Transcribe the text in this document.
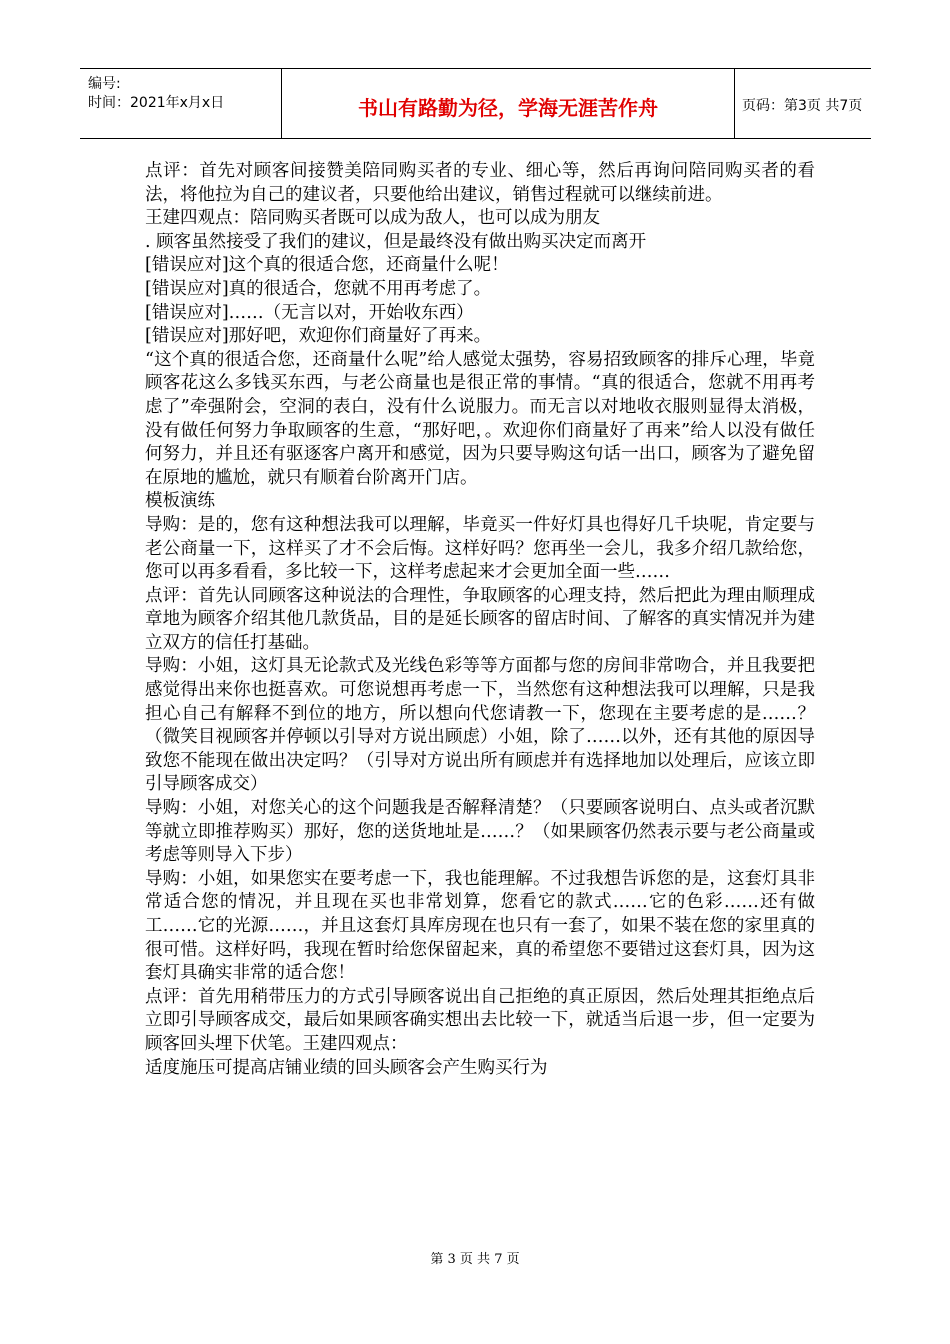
编号:
时间：2021年x月x日	书山有路勤为径，学海无涯苦作舟	页码：第3页 共7页

点评：首先对顾客间接赞美陪同购买者的专业、细心等，然后再询问陪同购买者的看法，将他拉为自己的建议者，只要他给出建议，销售过程就可以继续前进。

王建四观点：陪同购买者既可以成为敌人，也可以成为朋友

. 顾客虽然接受了我们的建议，但是最终没有做出购买决定而离开

[错误应对]这个真的很适合您，还商量什么呢！

[错误应对]真的很适合，您就不用再考虑了。

[错误应对]……（无言以对，开始收东西）

[错误应对]那好吧，欢迎你们商量好了再来。

“这个真的很适合您，还商量什么呢”给人感觉太强势，容易招致顾客的排斥心理，毕竟顾客花这么多钱买东西，与老公商量也是很正常的事情。“真的很适合，您就不用再考虑了”牵强附会，空洞的表白，没有什么说服力。而无言以对地收衣服则显得太消极，没有做任何努力争取顾客的生意，“那好吧，。欢迎你们商量好了再来”给人以没有做任何努力，并且还有驱逐客户离开和感觉，因为只要导购这句话一出口，顾客为了避免留在原地的尴尬，就只有顺着台阶离开门店。

模板演练

导购：是的，您有这种想法我可以理解，毕竟买一件好灯具也得好几千块呢，肯定要与老公商量一下，这样买了才不会后悔。这样好吗？您再坐一会儿，我多介绍几款给您，您可以再多看看，多比较一下，这样考虑起来才会更加全面一些……

点评：首先认同顾客这种说法的合理性，争取顾客的心理支持，然后把此为理由顺理成章地为顾客介绍其他几款货品，目的是延长顾客的留店时间、了解客的真实情况并为建立双方的信任打基础。

导购：小姐，这灯具无论款式及光线色彩等等方面都与您的房间非常吻合，并且我要把感觉得出来你也挺喜欢。可您说想再考虑一下，当然您有这种想法我可以理解，只是我担心自己有解释不到位的地方，所以想向代您请教一下，您现在主要考虑的是……？（微笑目视顾客并停顿以引导对方说出顾虑）小姐，除了……以外，还有其他的原因导致您不能现在做出决定吗？（引导对方说出所有顾虑并有选择地加以处理后，应该立即引导顾客成交）

导购：小姐，对您关心的这个问题我是否解释清楚？（只要顾客说明白、点头或者沉默等就立即推荐购买）那好，您的送货地址是……？（如果顾客仍然表示要与老公商量或考虑等则导入下步）

导购：小姐，如果您实在要考虑一下，我也能理解。不过我想告诉您的是，这套灯具非常适合您的情况，并且现在买也非常划算，您看它的款式……它的色彩……还有做工……它的光源……，并且这套灯具库房现在也只有一套了，如果不装在您的家里真的很可惜。这样好吗，我现在暂时给您保留起来，真的希望您不要错过这套灯具，因为这套灯具确实非常的适合您！

点评：首先用稍带压力的方式引导顾客说出自己拒绝的真正原因，然后处理其拒绝点后立即引导顾客成交，最后如果顾客确实想出去比较一下，就适当后退一步，但一定要为顾客回头埋下伏笔。王建四观点：

适度施压可提高店铺业绩的回头顾客会产生购买行为

第 3 页 共 7 页
